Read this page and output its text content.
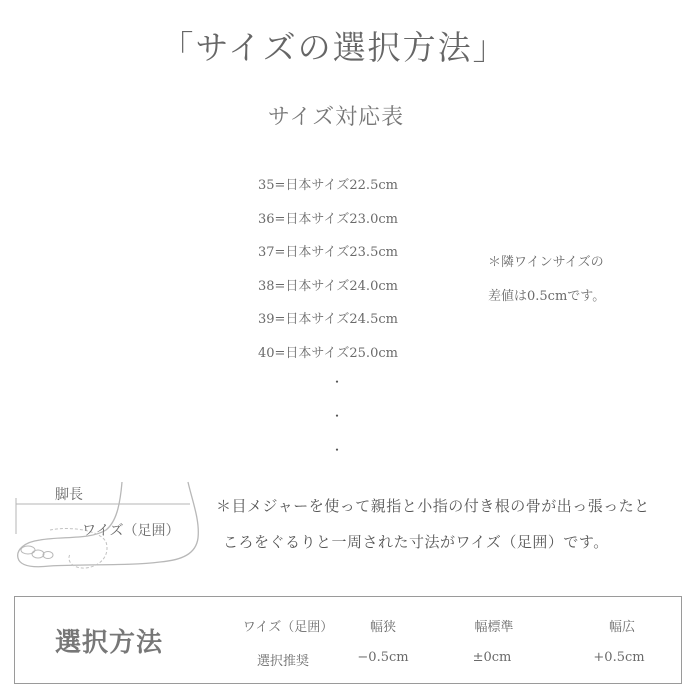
「サイズの選択方法」
サイズ対応表
35=日本サイズ22.5cm
36=日本サイズ23.0cm
37=日本サイズ23.5cm
38=日本サイズ24.0cm
39=日本サイズ24.5cm
40=日本サイズ25.0cm
・
・
・
＊隣ワインサイズの
差値は0.5cmです。
脚長
ワイズ（足囲）
＊目メジャーを使って親指と小指の付き根の骨が出っ張ったと
ころをぐるりと一周された寸法がワイズ（足囲）です。
選択方法
ワイズ（足囲）	幅狭	幅標準	幅広
選択推奨	−0.5cm	±0cm	+0.5cm
